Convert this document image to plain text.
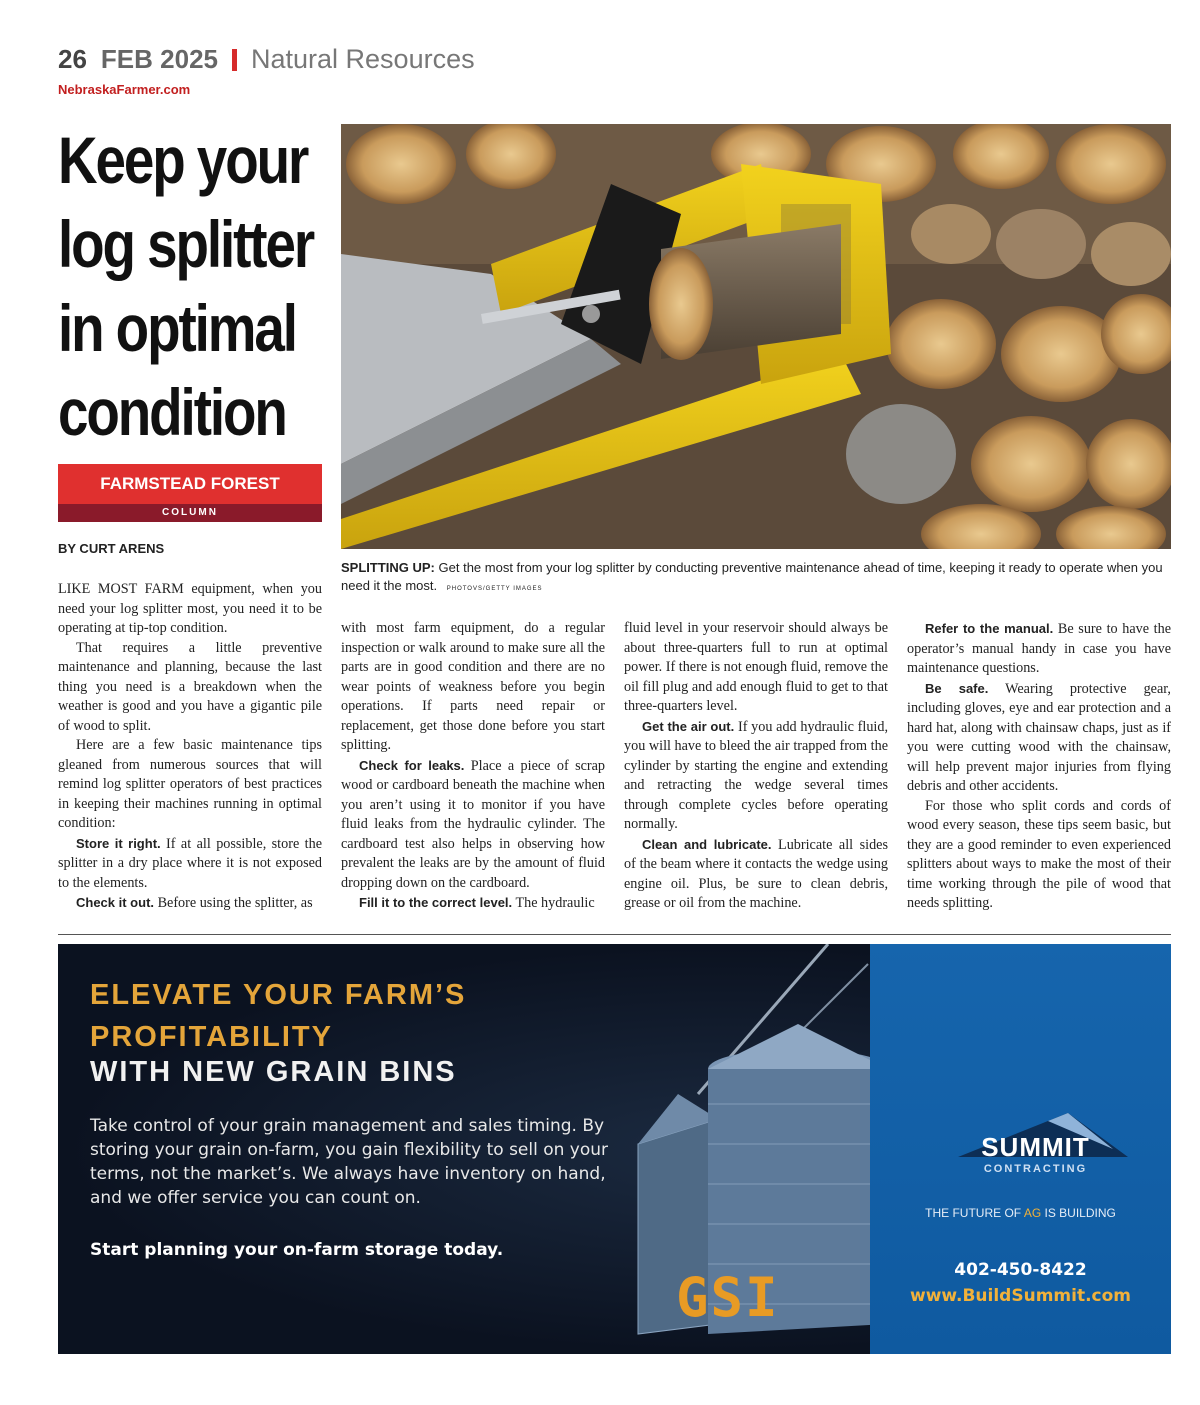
26 FEB 2025 Natural Resources
NebraskaFarmer.com
Keep your log splitter in optimal condition
FARMSTEAD FOREST
COLUMN
BY CURT ARENS
SPLITTING UP: Get the most from your log splitter by conducting preventive maintenance ahead of time, keeping it ready to operate when you need it the most. PHOTOVS/GETTY IMAGES

LIKE MOST FARM equipment, when you need your log splitter most, you need it to be operating at tip-top condition.

That requires a little preventive maintenance and planning, because the last thing you need is a breakdown when the weather is good and you have a gigantic pile of wood to split.

Here are a few basic maintenance tips gleaned from numerous sources that will remind log splitter operators of best practices in keeping their machines running in optimal condition:

Store it right. If at all possible, store the splitter in a dry place where it is not exposed to the elements.

Check it out. Before using the splitter, as

with most farm equipment, do a regular inspection or walk around to make sure all the parts are in good condition and there are no wear points of weakness before you begin operations. If parts need repair or replacement, get those done before you start splitting.

Check for leaks. Place a piece of scrap wood or cardboard beneath the machine when you aren’t using it to monitor if you have fluid leaks from the hydraulic cylinder. The cardboard test also helps in observing how prevalent the leaks are by the amount of fluid dropping down on the cardboard.

Fill it to the correct level. The hydraulic

fluid level in your reservoir should always be about three-quarters full to run at optimal power. If there is not enough fluid, remove the oil fill plug and add enough fluid to get to that three-quarters level.

Get the air out. If you add hydraulic fluid, you will have to bleed the air trapped from the cylinder by starting the engine and extending and retracting the wedge several times through complete cycles before operating normally.

Clean and lubricate. Lubricate all sides of the beam where it contacts the wedge using engine oil. Plus, be sure to clean debris, grease or oil from the machine.

Refer to the manual. Be sure to have the operator’s manual handy in case you have maintenance questions.

Be safe. Wearing protective gear, including gloves, eye and ear protection and a hard hat, along with chainsaw chaps, just as if you were cutting wood with the chainsaw, will help prevent major injuries from flying debris and other accidents.

For those who split cords and cords of wood every season, these tips seem basic, but they are a good reminder to even experienced splitters about ways to make the most of their time working through the pile of wood that needs splitting.

ELEVATE YOUR FARM’S
PROFITABILITY
WITH NEW GRAIN BINS
Take control of your grain management and sales timing. By storing your grain on-farm, you gain flexibility to sell on your terms, not the market’s. We always have inventory on hand, and we offer service you can count on.
Start planning your on-farm storage today.
GSI
SUMMIT
CONTRACTING
THE FUTURE OF AG IS BUILDING
402-450-8422
www.BuildSummit.com
